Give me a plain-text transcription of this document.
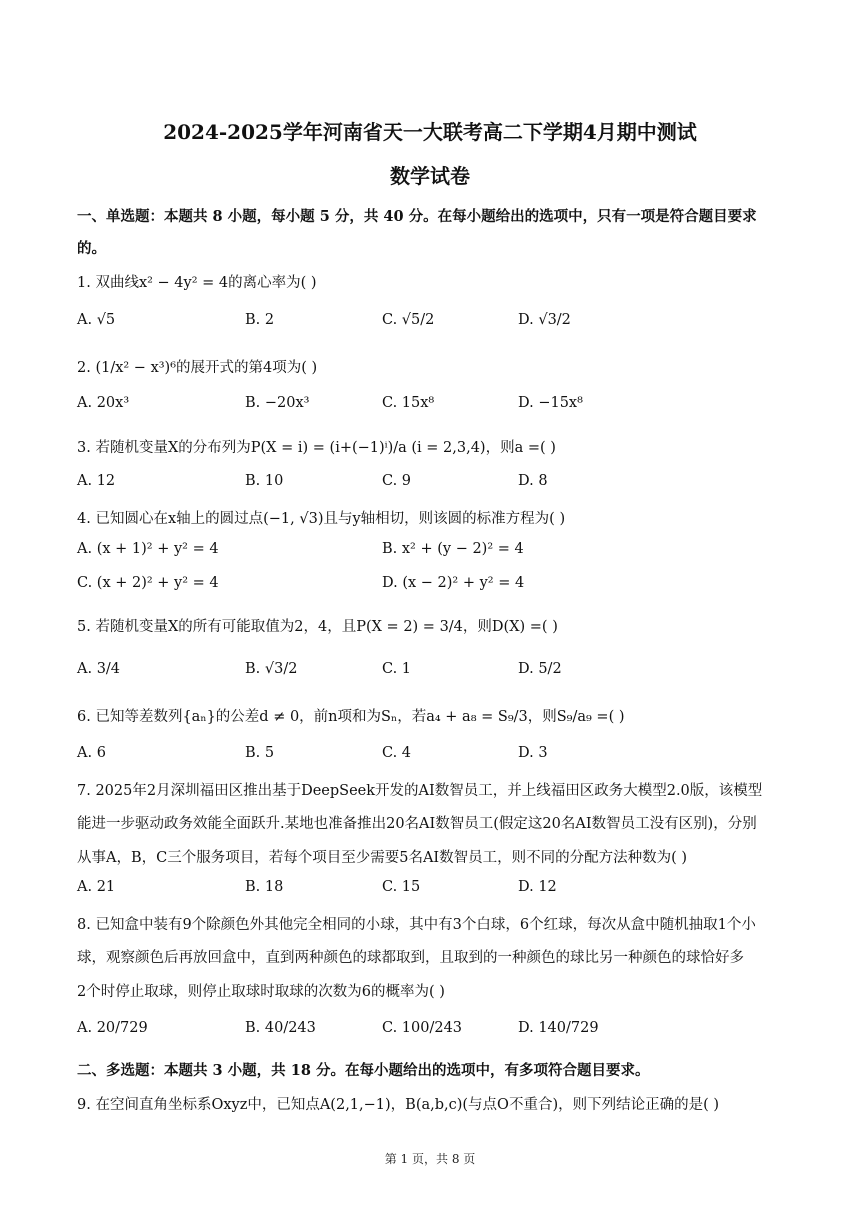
2024-2025学年河南省天一大联考高二下学期4月期中测试
数学试卷
一、单选题：本题共 8 小题，每小题 5 分，共 40 分。在每小题给出的选项中，只有一项是符合题目要求
的。
1. 双曲线x² − 4y² = 4的离心率为( )
A. √5	B. 2	C. √5/2	D. √3/2
2. (1/x² − x³)⁶的展开式的第4项为( )
A. 20x³	B. −20x³	C. 15x⁸	D. −15x⁸
3. 若随机变量X的分布列为P(X = i) = (i+(−1)ⁱ)/a (i = 2,3,4)，则a =( )
A. 12	B. 10	C. 9	D. 8
4. 已知圆心在x轴上的圆过点(−1, √3)且与y轴相切，则该圆的标准方程为( )
A. (x + 1)² + y² = 4	B. x² + (y − 2)² = 4
C. (x + 2)² + y² = 4	D. (x − 2)² + y² = 4
5. 若随机变量X的所有可能取值为2，4，且P(X = 2) = 3/4，则D(X) =( )
A. 3/4	B. √3/2	C. 1	D. 5/2
6. 已知等差数列{aₙ}的公差d ≠ 0，前n项和为Sₙ，若a₄ + a₈ = S₉/3，则S₉/a₉ =( )
A. 6	B. 5	C. 4	D. 3
7. 2025年2月深圳福田区推出基于DeepSeek开发的AI数智员工，并上线福田区政务大模型2.0版，该模型
能进一步驱动政务效能全面跃升.某地也准备推出20名AI数智员工(假定这20名AI数智员工没有区别)，分别
从事A，B，C三个服务项目，若每个项目至少需要5名AI数智员工，则不同的分配方法种数为( )
A. 21	B. 18	C. 15	D. 12
8. 已知盒中装有9个除颜色外其他完全相同的小球，其中有3个白球，6个红球，每次从盒中随机抽取1个小
球，观察颜色后再放回盒中，直到两种颜色的球都取到，且取到的一种颜色的球比另一种颜色的球恰好多
2个时停止取球，则停止取球时取球的次数为6的概率为( )
A. 20/729	B. 40/243	C. 100/243	D. 140/729
二、多选题：本题共 3 小题，共 18 分。在每小题给出的选项中，有多项符合题目要求。
9. 在空间直角坐标系Oxyz中，已知点A(2,1,−1)，B(a,b,c)(与点O不重合)，则下列结论正确的是( )
第 1 页，共 8 页
